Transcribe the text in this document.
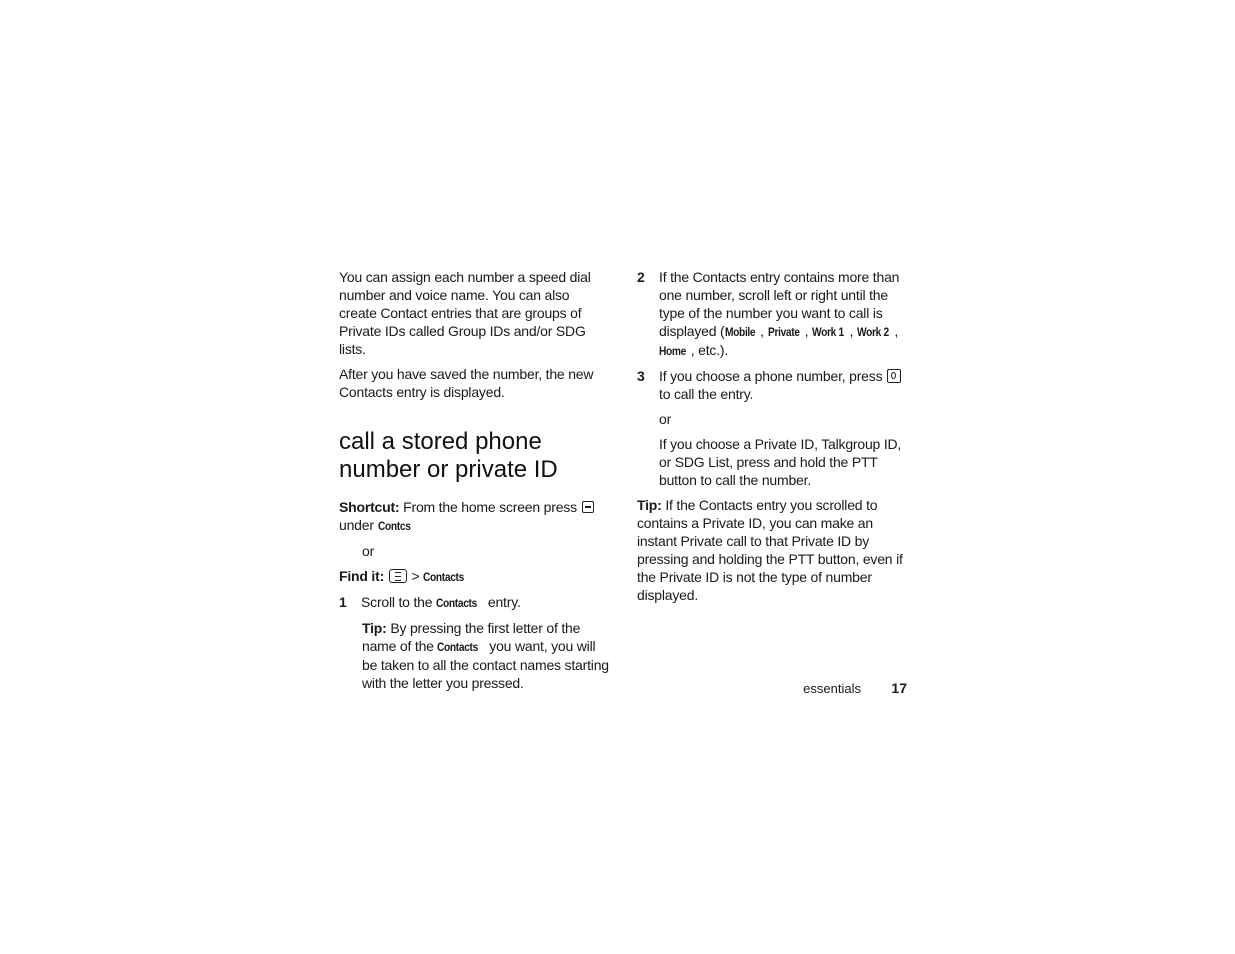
You can assign each number a speed dial number and voice name. You can also create Contact entries that are groups of Private IDs called Group IDs and/or SDG lists.

After you have saved the number, the new Contacts entry is displayed.

call a stored phone
number or private ID

Shortcut: From the home screen press  under Contcs

or

Find it: > Contacts

1 Scroll to the Contacts entry.

Tip: By pressing the first letter of the name of the Contacts you want, you will be taken to all the contact names starting with the letter you pressed.

2 If the Contacts entry contains more than one number, scroll left or right until the type of the number you want to call is displayed (Mobile , Private , Work 1 , Work 2 , Home , etc.).
3 If you choose a phone number, press  to call the entry.

or

If you choose a Private ID, Talkgroup ID, or SDG List, press and hold the PTT button to call the number.

Tip: If the Contacts entry you scrolled to contains a Private ID, you can make an instant Private call to that Private ID by pressing and holding the PTT button, even if the Private ID is not the type of number displayed.

essentials 17
